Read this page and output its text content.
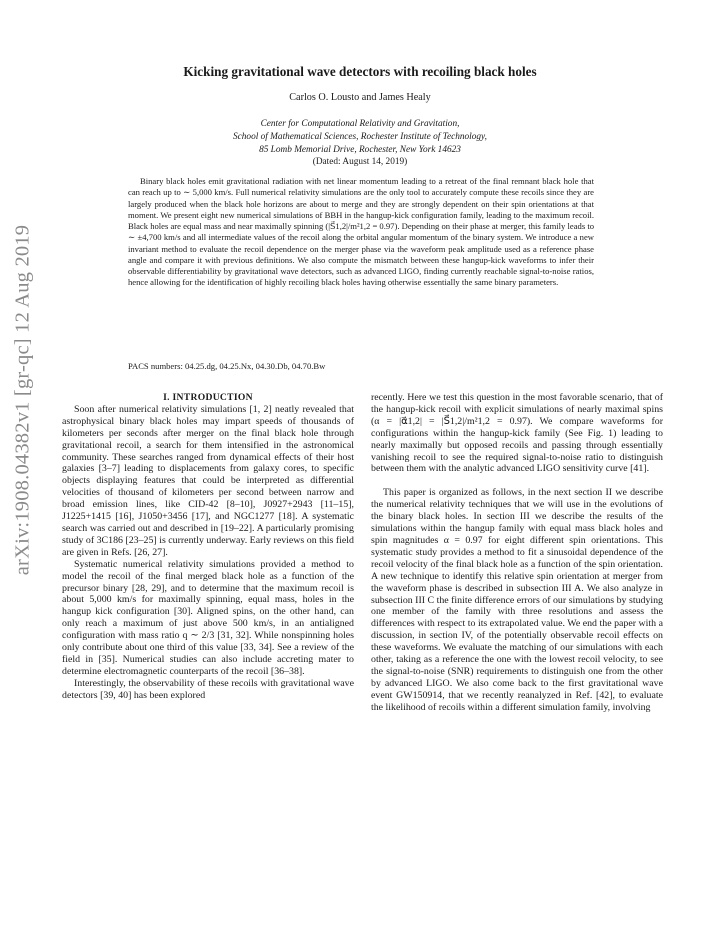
arXiv:1908.04382v1 [gr-qc] 12 Aug 2019
Kicking gravitational wave detectors with recoiling black holes
Carlos O. Lousto and James Healy
Center for Computational Relativity and Gravitation,
School of Mathematical Sciences, Rochester Institute of Technology,
85 Lomb Memorial Drive, Rochester, New York 14623
(Dated: August 14, 2019)
Binary black holes emit gravitational radiation with net linear momentum leading to a retreat of the final remnant black hole that can reach up to ∼ 5,000 km/s. Full numerical relativity simulations are the only tool to accurately compute these recoils since they are largely produced when the black hole horizons are about to merge and they are strongly dependent on their spin orientations at that moment. We present eight new numerical simulations of BBH in the hangup-kick configuration family, leading to the maximum recoil. Black holes are equal mass and near maximally spinning (|S⃗1,2|/m²1,2 = 0.97). Depending on their phase at merger, this family leads to ∼ ±4,700 km/s and all intermediate values of the recoil along the orbital angular momentum of the binary system. We introduce a new invariant method to evaluate the recoil dependence on the merger phase via the waveform peak amplitude used as a reference phase angle and compare it with previous definitions. We also compute the mismatch between these hangup-kick waveforms to infer their observable differentiability by gravitational wave detectors, such as advanced LIGO, finding currently reachable signal-to-noise ratios, hence allowing for the identification of highly recoiling black holes having otherwise essentially the same binary parameters.
PACS numbers: 04.25.dg, 04.25.Nx, 04.30.Db, 04.70.Bw

I. INTRODUCTION

Soon after numerical relativity simulations [1, 2] neatly revealed that astrophysical binary black holes may impart speeds of thousands of kilometers per seconds after merger on the final black hole through gravitational recoil, a search for them intensified in the astronomical community. These searches ranged from dynamical effects of their host galaxies [3–7] leading to displacements from galaxy cores, to specific objects displaying features that could be interpreted as differential velocities of thousand of kilometers per second between narrow and broad emission lines, like CID-42 [8–10], J0927+2943 [11–15], J1225+1415 [16], J1050+3456 [17], and NGC1277 [18]. A systematic search was carried out and described in [19–22]. A particularly promising study of 3C186 [23–25] is currently underway. Early reviews on this field are given in Refs. [26, 27].

Systematic numerical relativity simulations provided a method to model the recoil of the final merged black hole as a function of the precursor binary [28, 29], and to determine that the maximum recoil is about 5,000 km/s for maximally spinning, equal mass, holes in the hangup kick configuration [30]. Aligned spins, on the other hand, can only reach a maximum of just above 500 km/s, in an antialigned configuration with mass ratio q ∼ 2/3 [31, 32]. While nonspinning holes only contribute about one third of this value [33, 34]. See a review of the field in [35]. Numerical studies can also include accreting mater to determine electromagnetic counterparts of the recoil [36–38].

Interestingly, the observability of these recoils with gravitational wave detectors [39, 40] has been explored

recently. Here we test this question in the most favorable scenario, that of the hangup-kick recoil with explicit simulations of nearly maximal spins (α = |α⃗1,2| = |S⃗1,2|/m²1,2 = 0.97). We compare waveforms for configurations within the hangup-kick family (See Fig. 1) leading to nearly maximally but opposed recoils and passing through essentially vanishing recoil to see the required signal-to-noise ratio to distinguish between them with the analytic advanced LIGO sensitivity curve [41].

This paper is organized as follows, in the next section II we describe the numerical relativity techniques that we will use in the evolutions of the binary black holes. In section III we describe the results of the simulations within the hangup family with equal mass black holes and spin magnitudes α = 0.97 for eight different spin orientations. This systematic study provides a method to fit a sinusoidal dependence of the recoil velocity of the final black hole as a function of the spin orientation. A new technique to identify this relative spin orientation at merger from the waveform phase is described in subsection III A. We also analyze in subsection III C the finite difference errors of our simulations by studying one member of the family with three resolutions and assess the differences with respect to its extrapolated value. We end the paper with a discussion, in section IV, of the potentially observable recoil effects on these waveforms. We evaluate the matching of our simulations with each other, taking as a reference the one with the lowest recoil velocity, to see the signal-to-noise (SNR) requirements to distinguish one from the other by advanced LIGO. We also come back to the first gravitational wave event GW150914, that we recently reanalyzed in Ref. [42], to evaluate the likelihood of recoils within a different simulation family, involving
